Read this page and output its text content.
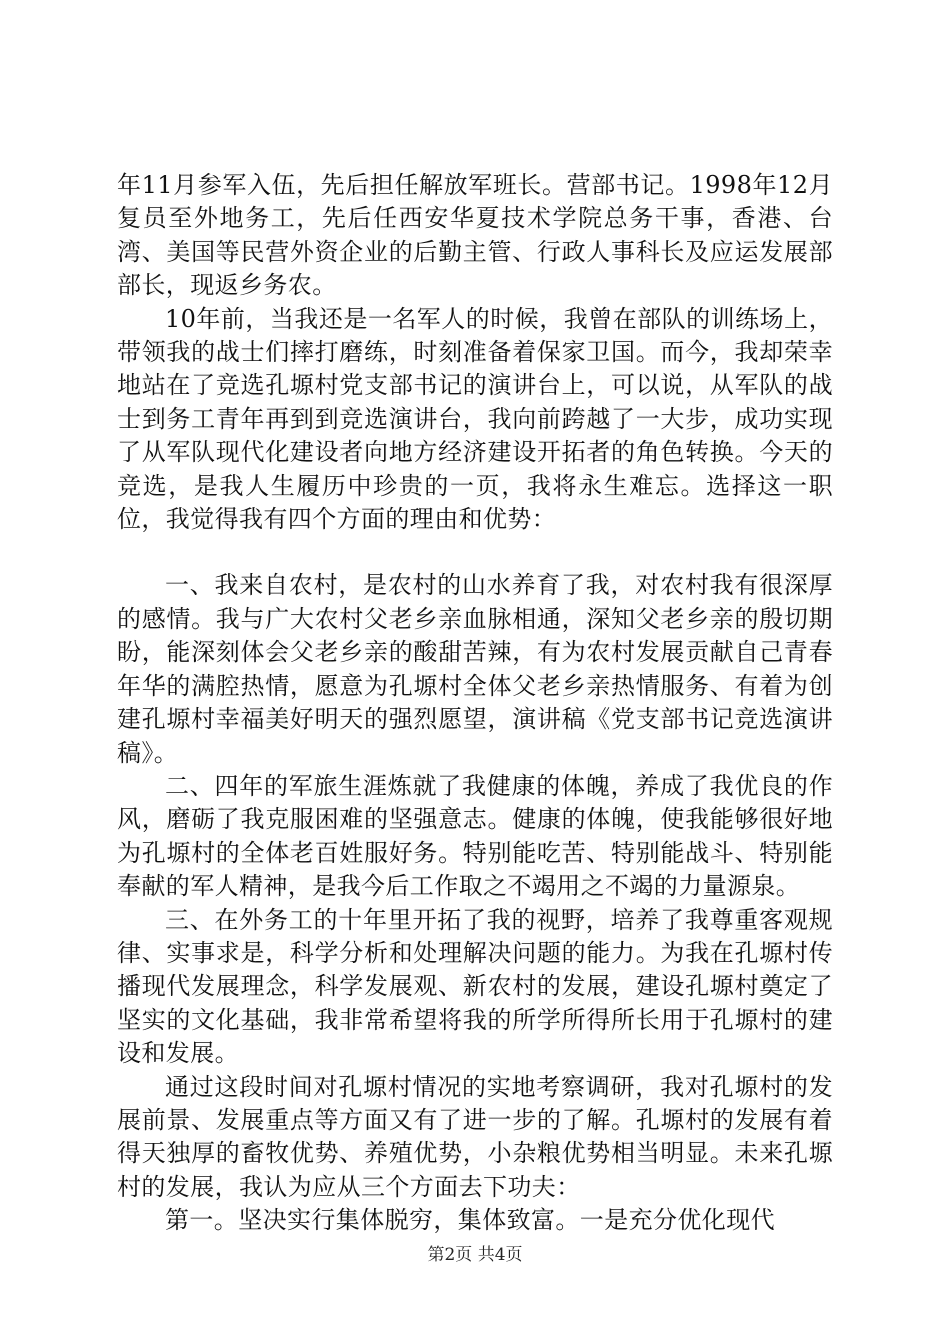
年11月参军入伍，先后担任解放军班长。营部书记。1998年12月复员至外地务工，先后任西安华夏技术学院总务干事，香港、台湾、美国等民营外资企业的后勤主管、行政人事科长及应运发展部部长，现返乡务农。

10年前，当我还是一名军人的时候，我曾在部队的训练场上，带领我的战士们摔打磨练，时刻准备着保家卫国。而今，我却荣幸地站在了竞选孔塬村党支部书记的演讲台上，可以说，从军队的战士到务工青年再到到竞选演讲台，我向前跨越了一大步，成功实现了从军队现代化建设者向地方经济建设开拓者的角色转换。今天的竞选，是我人生履历中珍贵的一页，我将永生难忘。选择这一职位，我觉得我有四个方面的理由和优势：

一、我来自农村，是农村的山水养育了我，对农村我有很深厚的感情。我与广大农村父老乡亲血脉相通，深知父老乡亲的殷切期盼，能深刻体会父老乡亲的酸甜苦辣，有为农村发展贡献自己青春年华的满腔热情，愿意为孔塬村全体父老乡亲热情服务、有着为创建孔塬村幸福美好明天的强烈愿望，演讲稿《党支部书记竞选演讲稿》。

二、四年的军旅生涯炼就了我健康的体魄，养成了我优良的作风，磨砺了我克服困难的坚强意志。健康的体魄，使我能够很好地为孔塬村的全体老百姓服好务。特别能吃苦、特别能战斗、特别能奉献的军人精神，是我今后工作取之不竭用之不竭的力量源泉。

三、在外务工的十年里开拓了我的视野，培养了我尊重客观规律、实事求是，科学分析和处理解决问题的能力。为我在孔塬村传播现代发展理念，科学发展观、新农村的发展，建设孔塬村奠定了坚实的文化基础，我非常希望将我的所学所得所长用于孔塬村的建设和发展。

通过这段时间对孔塬村情况的实地考察调研，我对孔塬村的发展前景、发展重点等方面又有了进一步的了解。孔塬村的发展有着得天独厚的畜牧优势、养殖优势，小杂粮优势相当明显。未来孔塬村的发展，我认为应从三个方面去下功夫：

第一。坚决实行集体脱穷，集体致富。一是充分优化现代

第2页 共4页
